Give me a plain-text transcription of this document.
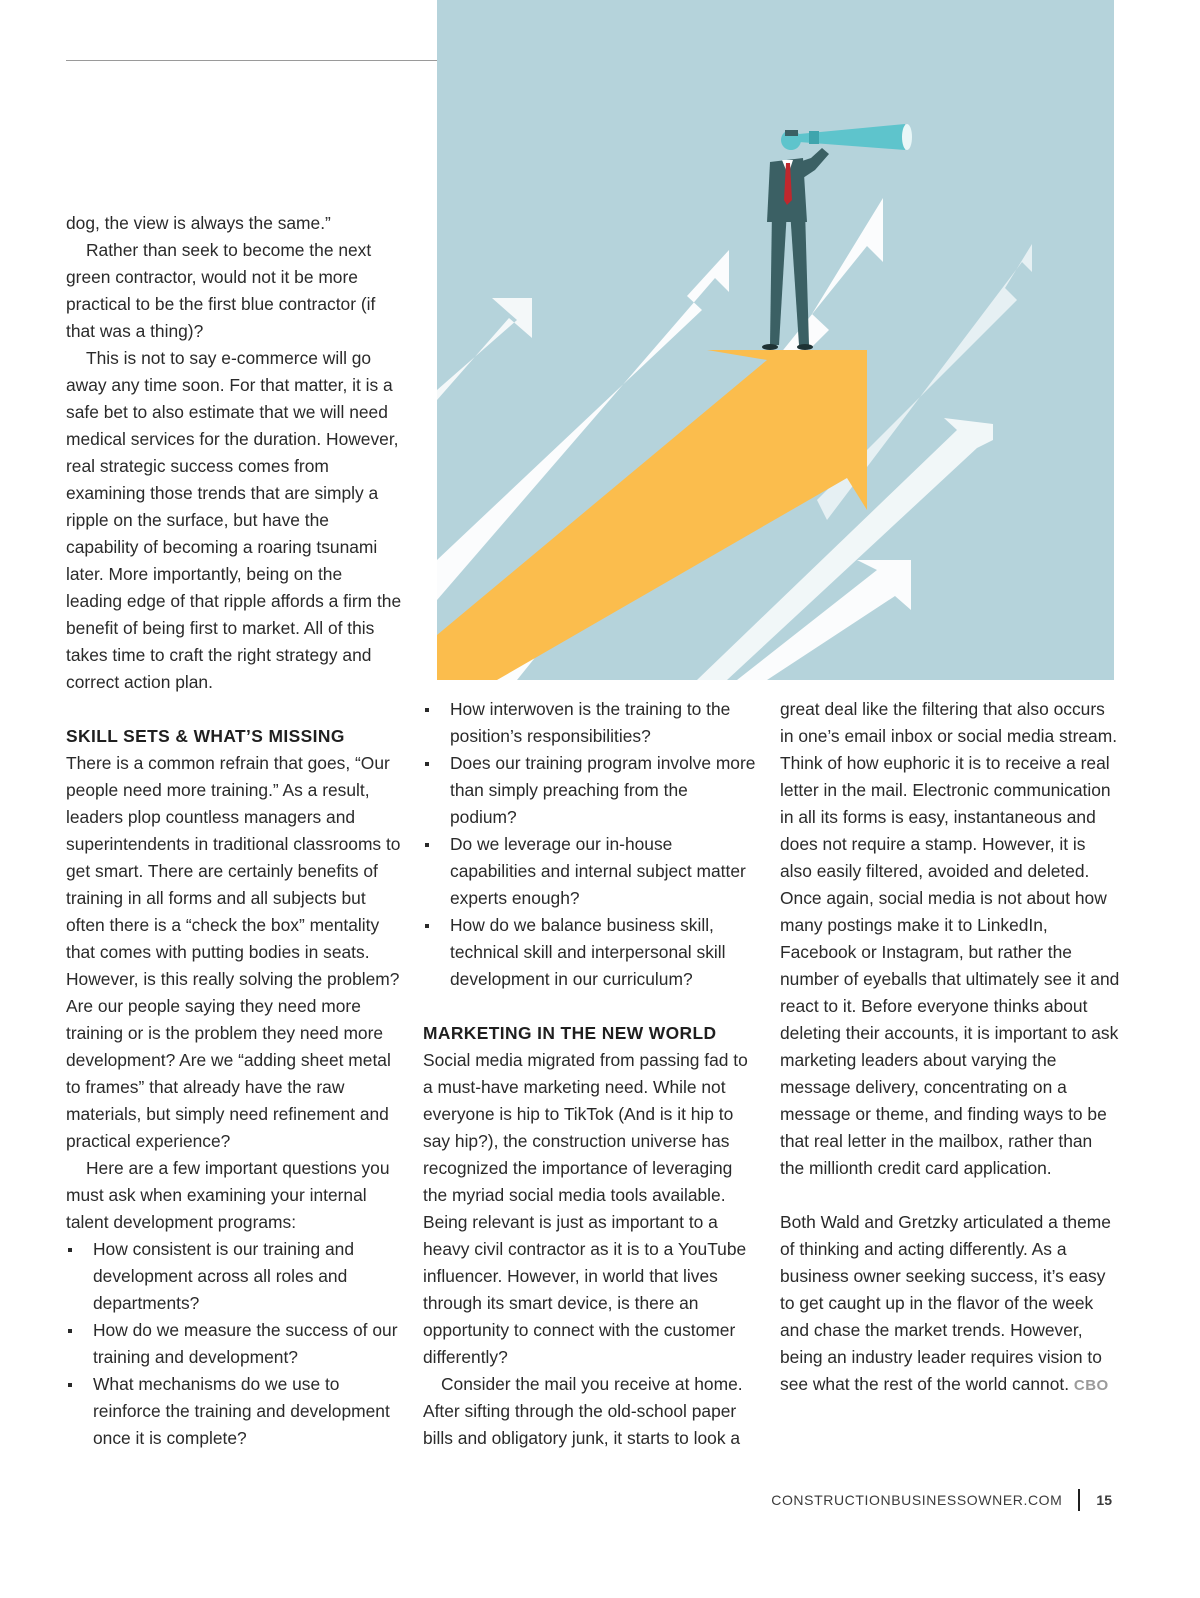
dog, the view is always the same.”

Rather than seek to become the next green contractor, would not it be more practical to be the first blue contractor (if that was a thing)?

This is not to say e-commerce will go away any time soon. For that matter, it is a safe bet to also estimate that we will need medical services for the duration. However, real strategic success comes from examining those trends that are simply a ripple on the surface, but have the capability of becoming a roaring tsunami later. More importantly, being on the leading edge of that ripple affords a firm the benefit of being first to market. All of this takes time to craft the right strategy and correct action plan.

SKILL SETS & WHAT’S MISSING

There is a common refrain that goes, “Our people need more training.” As a result, leaders plop countless managers and superintendents in traditional classrooms to get smart. There are certainly benefits of training in all forms and all subjects but often there is a “check the box” mentality that comes with putting bodies in seats. However, is this really solving the problem? Are our people saying they need more training or is the problem they need more development? Are we “adding sheet metal to frames” that already have the raw materials, but simply need refinement and practical experience?

Here are a few important questions you must ask when examining your internal talent development programs:

How consistent is our training and development across all roles and departments?
How do we measure the success of our training and development?
What mechanisms do we use to reinforce the training and development once it is complete?
How interwoven is the training to the position’s responsibilities?
Does our training program involve more than simply preaching from the podium?
Do we leverage our in-house capabilities and internal subject matter experts enough?
How do we balance business skill, technical skill and interpersonal skill development in our curriculum?
MARKETING IN THE NEW WORLD

Social media migrated from passing fad to a must-have marketing need. While not everyone is hip to TikTok (And is it hip to say hip?), the construction universe has recognized the importance of leveraging the myriad social media tools available. Being relevant is just as important to a heavy civil contractor as it is to a YouTube influencer. However, in world that lives through its smart device, is there an opportunity to connect with the customer differently?

Consider the mail you receive at home. After sifting through the old-school paper bills and obligatory junk, it starts to look a

great deal like the filtering that also occurs in one’s email inbox or social media stream. Think of how euphoric it is to receive a real letter in the mail. Electronic communication in all its forms is easy, instantaneous and does not require a stamp. However, it is also easily filtered, avoided and deleted. Once again, social media is not about how many postings make it to LinkedIn, Facebook or Instagram, but rather the number of eyeballs that ultimately see it and react to it. Before everyone thinks about deleting their accounts, it is important to ask marketing leaders about varying the message delivery, concentrating on a message or theme, and finding ways to be that real letter in the mailbox, rather than the millionth credit card application.

Both Wald and Gretzky articulated a theme of thinking and acting differently. As a business owner seeking success, it’s easy to get caught up in the flavor of the week and chase the market trends. However, being an industry leader requires vision to see what the rest of the world cannot. CBO

CONSTRUCTIONBUSINESSOWNER.COM 15
